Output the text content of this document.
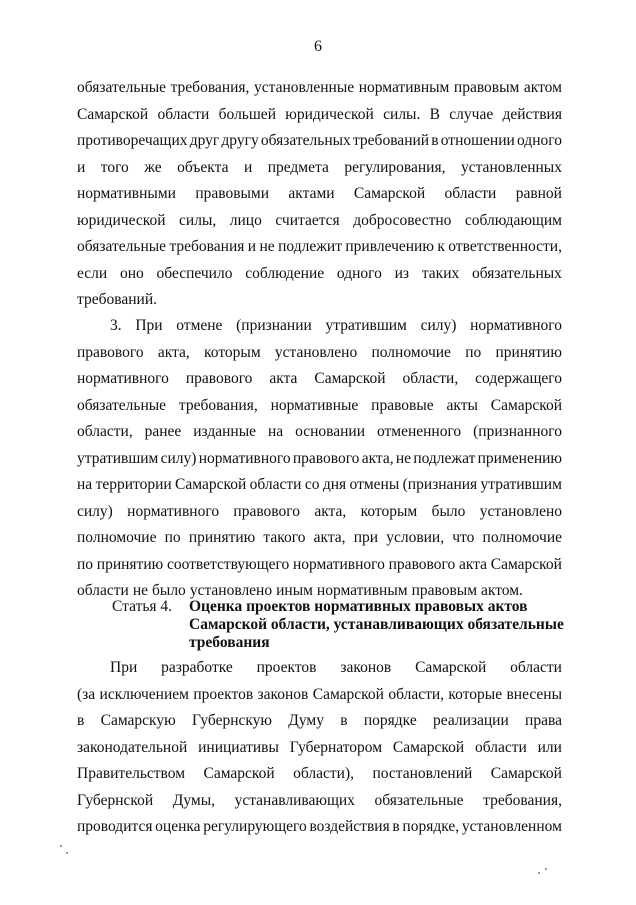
6
обязательные требования, установленные нормативным правовым актом
Самарской области большей юридической силы. В случае действия
противоречащих друг другу обязательных требований в отношении одного
и того же объекта и предмета регулирования, установленных
нормативными правовыми актами Самарской области равной
юридической силы, лицо считается добросовестно соблюдающим
обязательные требования и не подлежит привлечению к ответственности,
если оно обеспечило соблюдение одного из таких обязательных
требований.
3. При отмене (признании утратившим силу) нормативного
правового акта, которым установлено полномочие по принятию
нормативного правового акта Самарской области, содержащего
обязательные требования, нормативные правовые акты Самарской
области, ранее изданные на основании отмененного (признанного
утратившим силу) нормативного правового акта, не подлежат применению
на территории Самарской области со дня отмены (признания утратившим
силу) нормативного правового акта, которым было установлено
полномочие по принятию такого акта, при условии, что полномочие
по принятию соответствующего нормативного правового акта Самарской
области не было установлено иным нормативным правовым актом.
Статья 4.	Оценка проектов нормативных правовых актов
Самарской области, устанавливающих обязательные
требования
При разработке проектов законов Самарской области
(за исключением проектов законов Самарской области, которые внесены
в Самарскую Губернскую Думу в порядке реализации права
законодательной инициативы Губернатором Самарской области или
Правительством Самарской области), постановлений Самарской
Губернской Думы, устанавливающих обязательные требования,
проводится оценка регулирующего воздействия в порядке, установленном
